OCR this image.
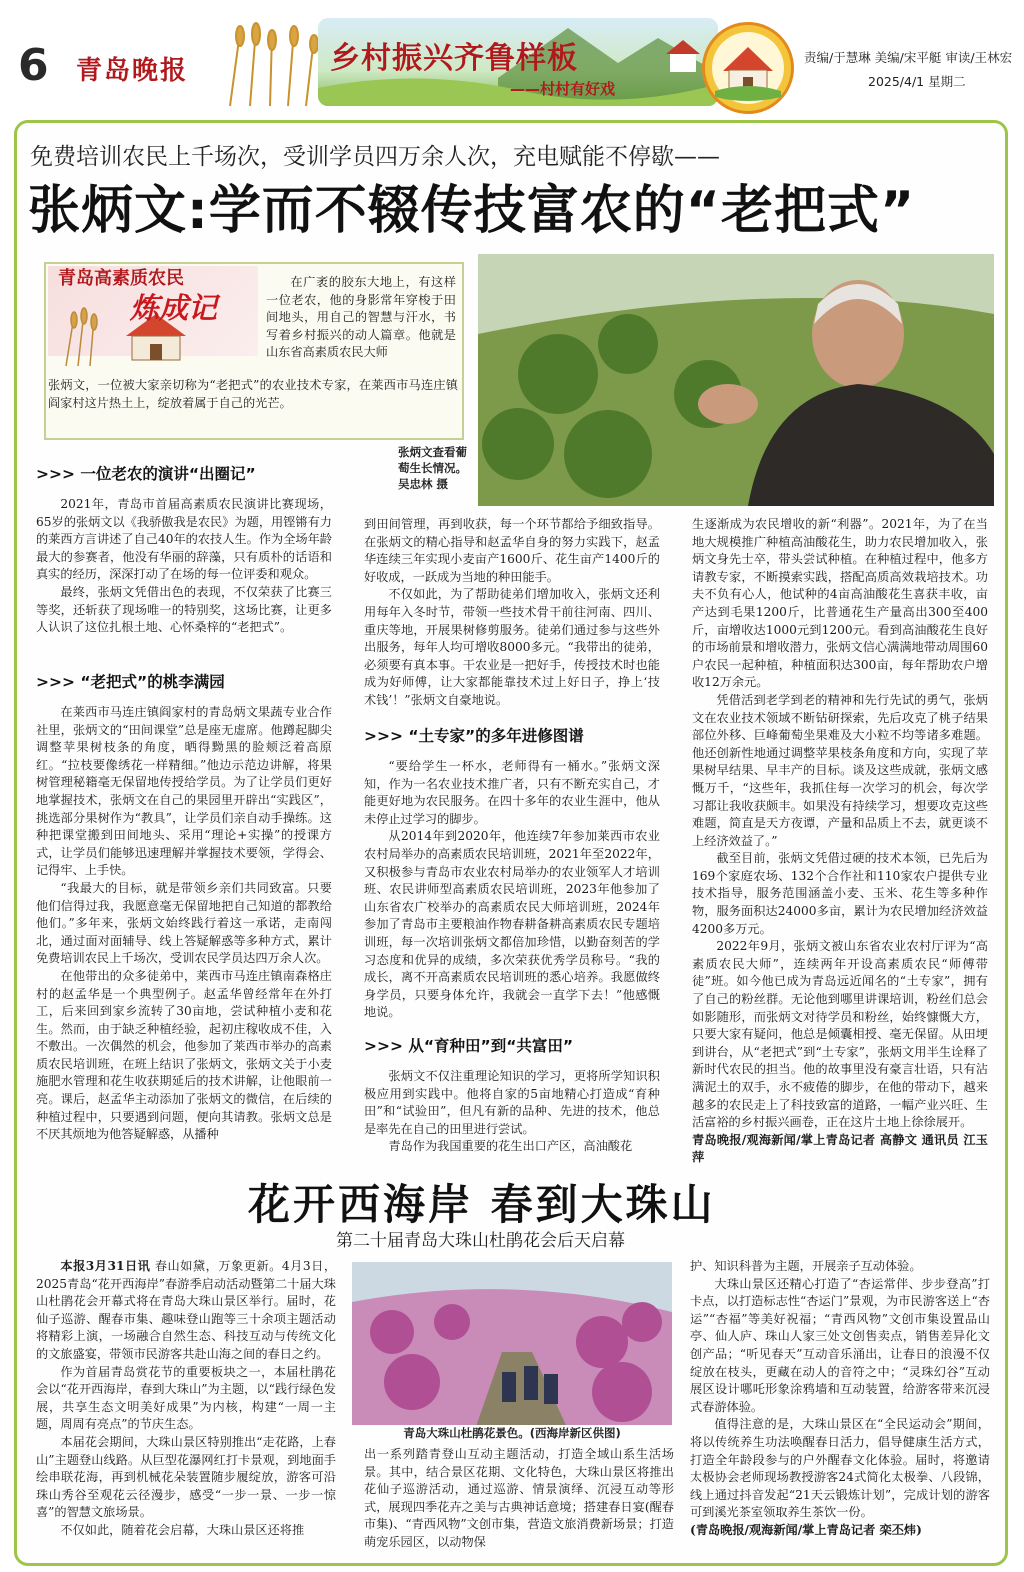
6 青岛晚报	乡村振兴齐鲁样板
——村村有好戏
责编/于慧琳 美编/宋平艇 审读/王林宏
2025/4/1 星期二
免费培训农民上千场次，受训学员四万余人次，充电赋能不停歇——
张炳文:学而不辍传技富农的“老把式”
青岛高素质农民
炼成记

在广袤的胶东大地上，有这样一位老农，他的身影常年穿梭于田间地头，用自己的智慧与汗水，书写着乡村振兴的动人篇章。他就是山东省高素质农民大师

张炳文，一位被大家亲切称为“老把式”的农业技术专家，在莱西市马连庄镇阎家村这片热土上，绽放着属于自己的光芒。

张炳文查看葡萄生长情况。 吴忠林 摄
>>> 一位老农的演讲“出圈记”

2021年，青岛市首届高素质农民演讲比赛现场，65岁的张炳文以《我骄傲我是农民》为题，用铿锵有力的莱西方言讲述了自己40年的农技人生。作为全场年龄最大的参赛者，他没有华丽的辞藻，只有质朴的话语和真实的经历，深深打动了在场的每一位评委和观众。

最终，张炳文凭借出色的表现，不仅荣获了比赛三等奖，还斩获了现场唯一的特别奖，这场比赛，让更多人认识了这位扎根土地、心怀桑梓的“老把式”。

>>> “老把式”的桃李满园

在莱西市马连庄镇阎家村的青岛炳文果蔬专业合作社里，张炳文的“田间课堂”总是座无虚席。他蹲起脚尖调整苹果树枝条的角度，晒得黝黑的脸颊泛着高原红。“拉枝要像绣花一样精细。”他边示范边讲解，将果树管理秘籍毫无保留地传授给学员。为了让学员们更好地掌握技术，张炳文在自己的果园里开辟出“实践区”，挑选部分果树作为“教具”，让学员们亲自动手操练。这种把课堂搬到田间地头、采用“理论+实操”的授课方式，让学员们能够迅速理解并掌握技术要领，学得会、记得牢、上手快。

“我最大的目标，就是带领乡亲们共同致富。只要他们信得过我，我愿意毫无保留地把自己知道的都教给他们。”多年来，张炳文始终践行着这一承诺，走南闯北，通过面对面辅导、线上答疑解惑等多种方式，累计免费培训农民上千场次，受训农民学员达四万余人次。

在他带出的众多徒弟中，莱西市马连庄镇南森格庄村的赵孟华是一个典型例子。赵孟华曾经常年在外打工，后来回到家乡流转了30亩地，尝试种植小麦和花生。然而，由于缺乏种植经验，起初庄稼收成不佳，入不敷出。一次偶然的机会，他参加了莱西市举办的高素质农民培训班，在班上结识了张炳文，张炳文关于小麦施肥水管理和花生收获期延后的技术讲解，让他眼前一亮。课后，赵孟华主动添加了张炳文的微信，在后续的种植过程中，只要遇到问题，便向其请教。张炳文总是不厌其烦地为他答疑解惑，从播种

到田间管理，再到收获，每一个环节都给予细致指导。在张炳文的精心指导和赵孟华自身的努力实践下，赵孟华连续三年实现小麦亩产1600斤、花生亩产1400斤的好收成，一跃成为当地的种田能手。

不仅如此，为了帮助徒弟们增加收入，张炳文还利用每年入冬时节，带领一些技术骨干前往河南、四川、重庆等地，开展果树修剪服务。徒弟们通过参与这些外出服务，每年人均可增收8000多元。“我带出的徒弟，必须要有真本事。干农业是一把好手，传授技术时也能成为好师傅，让大家都能靠技术过上好日子，挣上‘技术钱’！”张炳文自豪地说。

>>> “土专家”的多年进修图谱

“要给学生一杯水，老师得有一桶水。”张炳文深知，作为一名农业技术推广者，只有不断充实自己，才能更好地为农民服务。在四十多年的农业生涯中，他从未停止过学习的脚步。

从2014年到2020年，他连续7年参加莱西市农业农村局举办的高素质农民培训班，2021年至2022年，又积极参与青岛市农业农村局举办的农业领军人才培训班、农民讲师型高素质农民培训班，2023年他参加了山东省农广校举办的高素质农民大师培训班，2024年参加了青岛市主要粮油作物春耕备耕高素质农民专题培训班，每一次培训张炳文都倍加珍惜，以勤奋刻苦的学习态度和优异的成绩，多次荣获优秀学员称号。“我的成长，离不开高素质农民培训班的悉心培养。我愿做终身学员，只要身体允许，我就会一直学下去！”他感慨地说。

>>> 从“育种田”到“共富田”

张炳文不仅注重理论知识的学习，更将所学知识积极应用到实践中。他将自家的5亩地精心打造成“育种田”和“试验田”，但凡有新的品种、先进的技术，他总是率先在自己的田里进行尝试。

青岛作为我国重要的花生出口产区，高油酸花

生逐渐成为农民增收的新“利器”。2021年，为了在当地大规模推广种植高油酸花生，助力农民增加收入，张炳文身先士卒，带头尝试种植。在种植过程中，他多方请教专家，不断摸索实践，搭配高质高效栽培技术。功夫不负有心人，他试种的4亩高油酸花生喜获丰收，亩产达到毛果1200斤，比普通花生产量高出300至400斤，亩增收达1000元到1200元。看到高油酸花生良好的市场前景和增收潜力，张炳文信心满满地带动周围60户农民一起种植，种植面积达300亩，每年帮助农户增收12万余元。

凭借活到老学到老的精神和先行先试的勇气，张炳文在农业技术领域不断钻研探索，先后攻克了桃子结果部位外移、巨峰葡萄坐果难及大小粒不均等诸多难题。他还创新性地通过调整苹果枝条角度和方向，实现了苹果树早结果、早丰产的目标。谈及这些成就，张炳文感慨万千，“这些年，我抓住每一次学习的机会，每次学习都让我收获颇丰。如果没有持续学习，想要攻克这些难题，简直是天方夜谭，产量和品质上不去，就更谈不上经济效益了。”

截至目前，张炳文凭借过硬的技术本领，已先后为169个家庭农场、132个合作社和110家农户提供专业技术指导，服务范围涵盖小麦、玉米、花生等多种作物，服务面积达24000多亩，累计为农民增加经济效益4200多万元。

2022年9月，张炳文被山东省农业农村厅评为“高素质农民大师”，连续两年开设高素质农民“师傅带徒”班。如今他已成为青岛远近闻名的“土专家”，拥有了自己的粉丝群。无论他到哪里讲课培训，粉丝们总会如影随形，而张炳文对待学员和粉丝，始终慷慨大方，只要大家有疑问，他总是倾囊相授、毫无保留。从田埂到讲台，从“老把式”到“土专家”，张炳文用半生诠释了新时代农民的担当。他的故事里没有豪言壮语，只有沾满泥土的双手，永不疲倦的脚步，在他的带动下，越来越多的农民走上了科技致富的道路，一幅产业兴旺、生活富裕的乡村振兴画卷，正在这片土地上徐徐展开。

青岛晚报/观海新闻/掌上青岛记者 高静文 通讯员 江玉萍

花开西海岸 春到大珠山
第二十届青岛大珠山杜鹃花会后天启幕

本报3月31日讯 春山如黛，万象更新。4月3日，2025青岛“花开西海岸”春游季启动活动暨第二十届大珠山杜鹃花会开幕式将在青岛大珠山景区举行。届时，花仙子巡游、醒春市集、趣味登山跑等三十余项主题活动将精彩上演，一场融合自然生态、科技互动与传统文化的文旅盛宴，带领市民游客共赴山海之间的春日之约。

作为首届青岛赏花节的重要板块之一，本届杜鹃花会以“花开西海岸，春到大珠山”为主题，以“践行绿色发展，共享生态文明美好成果”为内核，构建“一周一主题，周周有亮点”的节庆生态。

本届花会期间，大珠山景区特别推出“走花路，上春山”主题登山线路。从巨型花瀑网红打卡景观，到地面手绘串联花海，再到机械花朵装置随步履绽放，游客可沿珠山秀谷至观花云径漫步，感受“一步一景、一步一惊喜”的智慧文旅场景。

不仅如此，随着花会启幕，大珠山景区还将推

青岛大珠山杜鹃花景色。(西海岸新区供图)

出一系列踏青登山互动主题活动，打造全域山系生活场景。其中，结合景区花期、文化特色，大珠山景区将推出花仙子巡游活动，通过巡游、情景演绎、沉浸互动等形式，展现四季花卉之美与古典神话意境；搭建春日宴(醒春市集)、“青西风物”文创市集，营造文旅消费新场景；打造萌宠乐园区，以动物保

护、知识科普为主题，开展亲子互动体验。

大珠山景区还精心打造了“杏运常伴、步步登高”打卡点，以打造标志性“杏运门”景观，为市民游客送上“杏运”“杏福”等美好祝福；“青西风物”文创市集设置品山亭、仙人庐、珠山人家三处文创售卖点，销售差异化文创产品；“听见春天”互动音乐涌出，让春日的浪漫不仅绽放在枝头，更藏在动人的音符之中；“灵珠幻谷”互动展区设计哪吒形象涂鸦墙和互动装置，给游客带来沉浸式春游体验。

值得注意的是，大珠山景区在“全民运动会”期间，将以传统养生功法唤醒春日活力，倡导健康生活方式，打造全年龄段参与的户外醒春文化体验。届时，将邀请太极协会老师现场教授游客24式简化太极拳、八段锦，线上通过抖音发起“21天云锻炼计划”，完成计划的游客可到溪光茶室领取养生茶饮一份。

(青岛晚报/观海新闻/掌上青岛记者 栾丕炜)
